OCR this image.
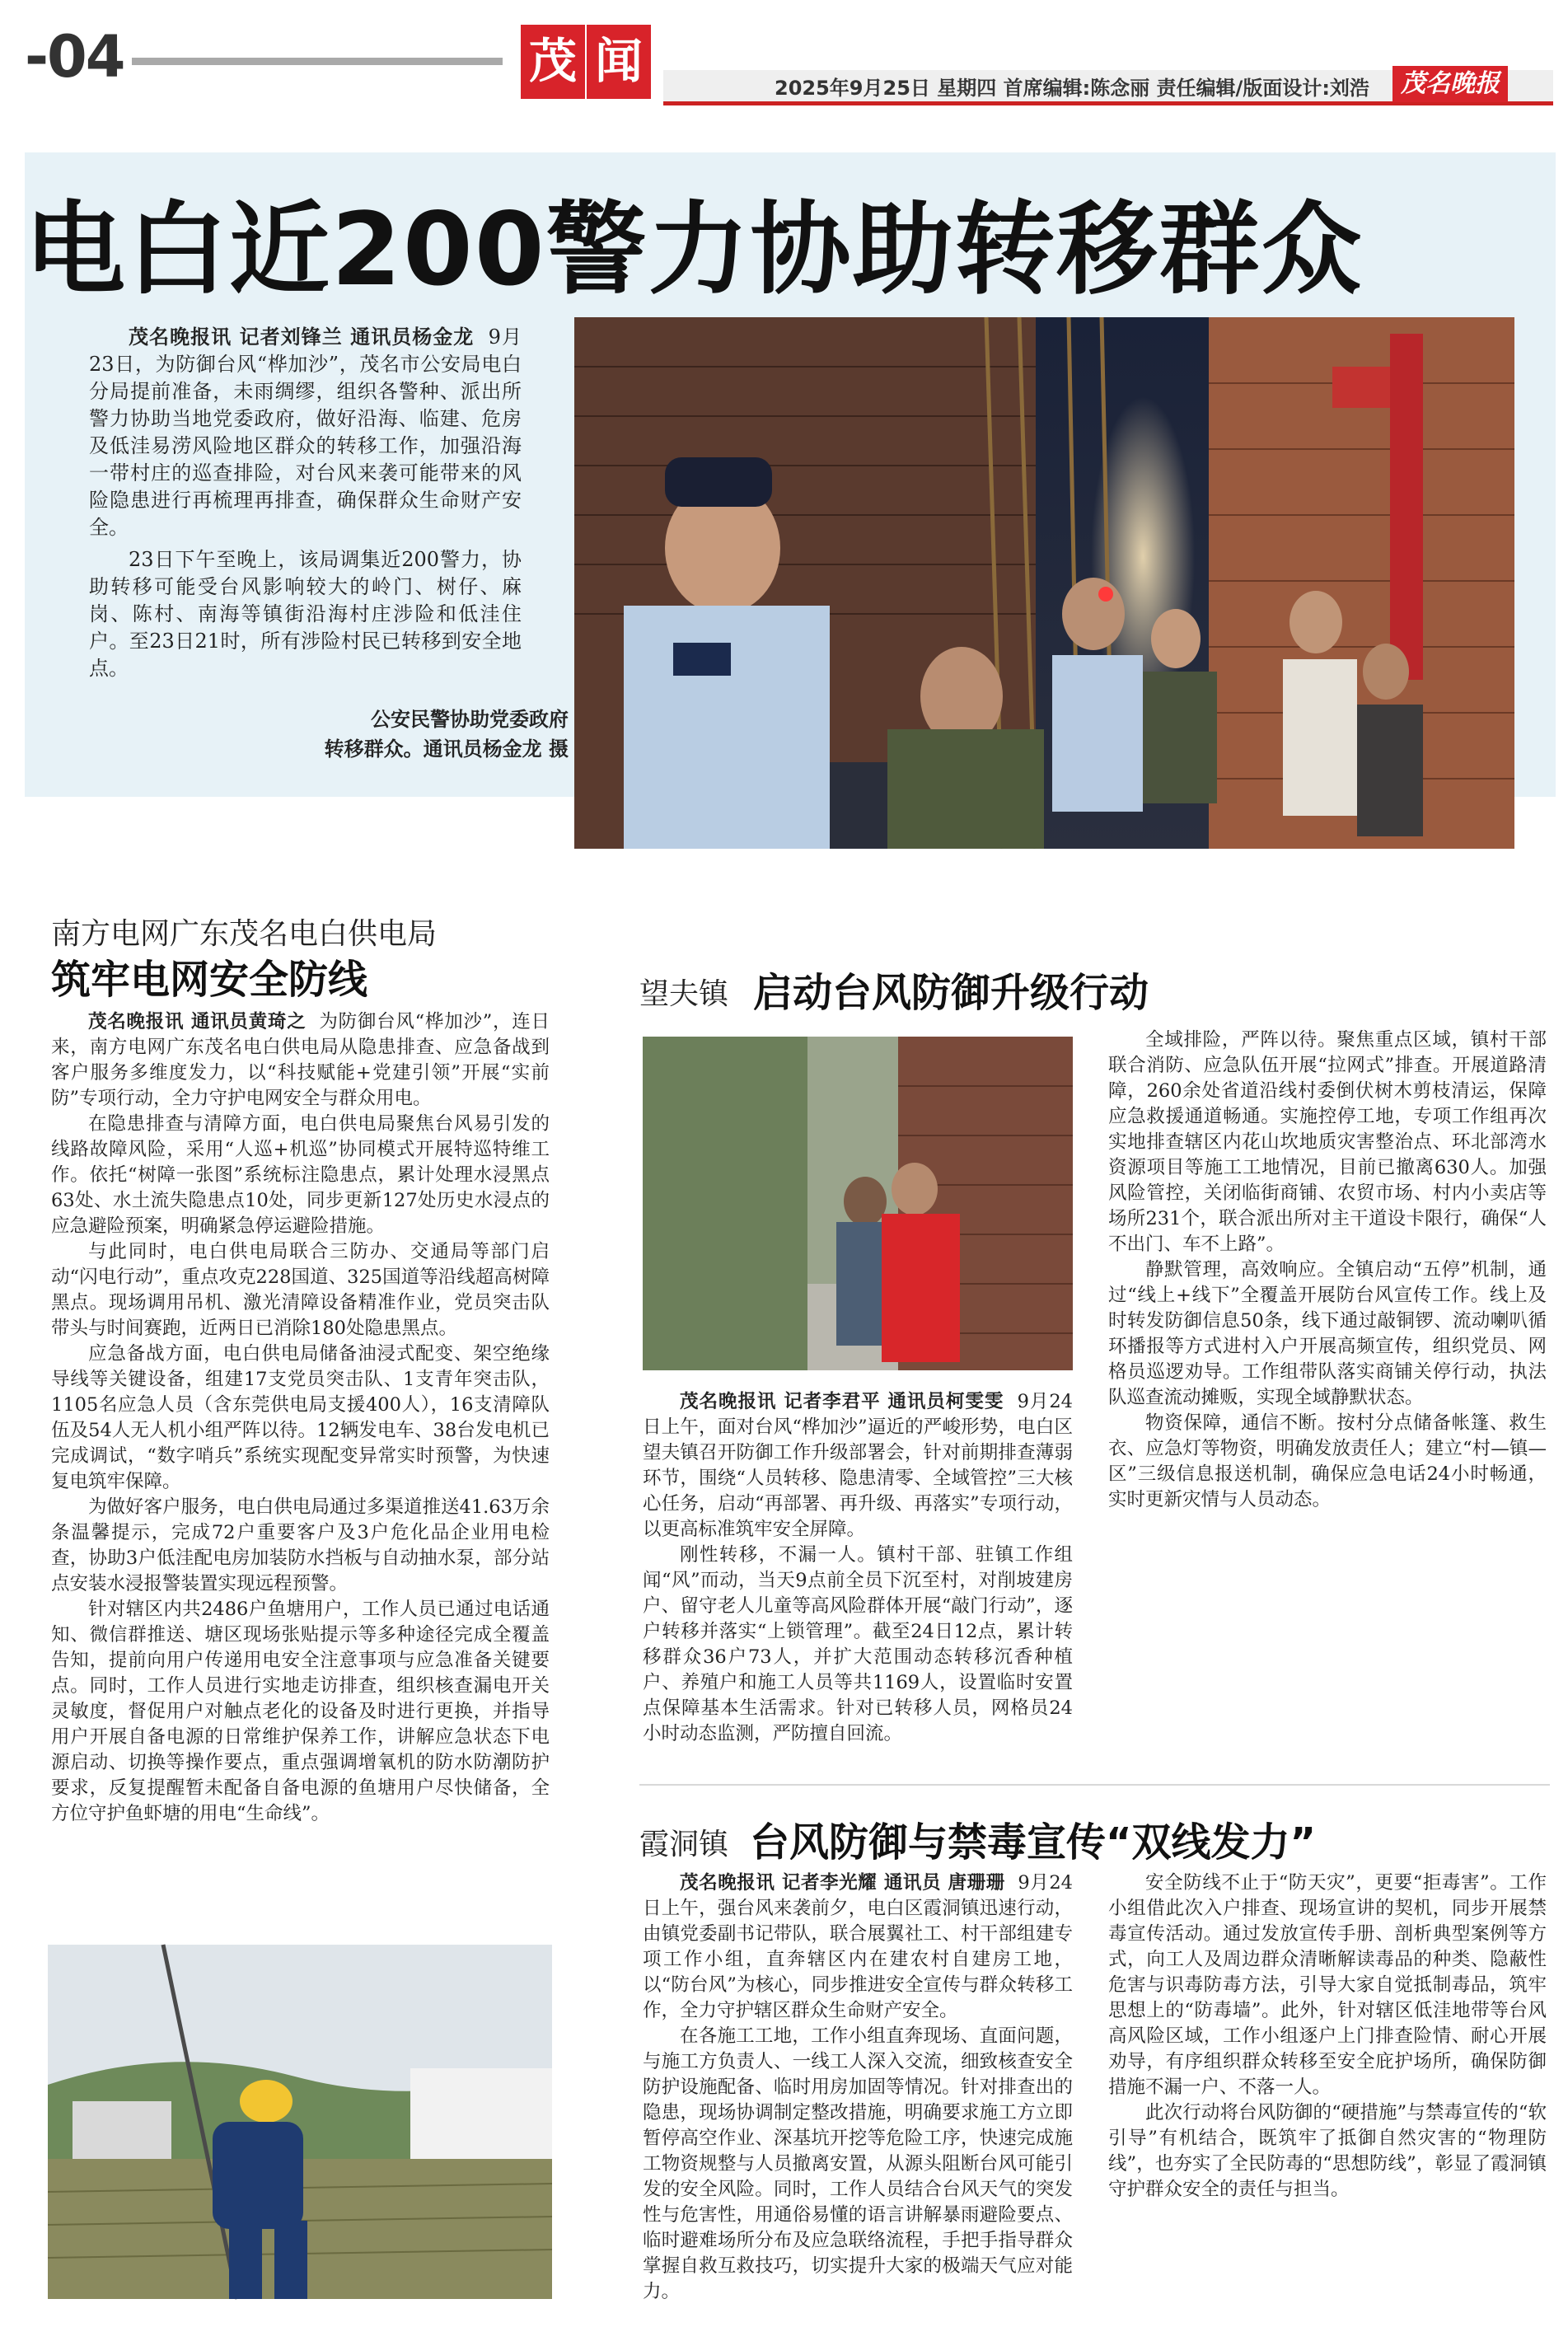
-04	茂 闻	2025年9月25日 星期四 首席编辑:陈念丽 责任编辑/版面设计:刘浩	茂名晚报
电白近200警力协助转移群众

茂名晚报讯 记者刘锋兰 通讯员杨金龙 9月23日，为防御台风“桦加沙”，茂名市公安局电白分局提前准备，未雨绸缪，组织各警种、派出所警力协助当地党委政府，做好沿海、临建、危房及低洼易涝风险地区群众的转移工作，加强沿海一带村庄的巡查排险，对台风来袭可能带来的风险隐患进行再梳理再排查，确保群众生命财产安全。

23日下午至晚上，该局调集近200警力，协助转移可能受台风影响较大的岭门、树仔、麻岗、陈村、南海等镇街沿海村庄涉险和低洼住户。至23日21时，所有涉险村民已转移到安全地点。

公安民警协助党委政府
转移群众。通讯员杨金龙 摄
南方电网广东茂名电白供电局
筑牢电网安全防线

茂名晚报讯 通讯员黄琦之 为防御台风“桦加沙”，连日来，南方电网广东茂名电白供电局从隐患排查、应急备战到客户服务多维度发力，以“科技赋能+党建引领”开展“实前防”专项行动，全力守护电网安全与群众用电。

在隐患排查与清障方面，电白供电局聚焦台风易引发的线路故障风险，采用“人巡+机巡”协同模式开展特巡特维工作。依托“树障一张图”系统标注隐患点，累计处理水浸黑点63处、水土流失隐患点10处，同步更新127处历史水浸点的应急避险预案，明确紧急停运避险措施。

与此同时，电白供电局联合三防办、交通局等部门启动“闪电行动”，重点攻克228国道、325国道等沿线超高树障黑点。现场调用吊机、激光清障设备精准作业，党员突击队带头与时间赛跑，近两日已消除180处隐患黑点。

应急备战方面，电白供电局储备油浸式配变、架空绝缘导线等关键设备，组建17支党员突击队、1支青年突击队，1105名应急人员（含东莞供电局支援400人），16支清障队伍及54人无人机小组严阵以待。12辆发电车、38台发电机已完成调试，“数字哨兵”系统实现配变异常实时预警，为快速复电筑牢保障。

为做好客户服务，电白供电局通过多渠道推送41.63万余条温馨提示，完成72户重要客户及3户危化品企业用电检查，协助3户低洼配电房加装防水挡板与自动抽水泵，部分站点安装水浸报警装置实现远程预警。

针对辖区内共2486户鱼塘用户，工作人员已通过电话通知、微信群推送、塘区现场张贴提示等多种途径完成全覆盖告知，提前向用户传递用电安全注意事项与应急准备关键要点。同时，工作人员进行实地走访排查，组织核查漏电开关灵敏度，督促用户对触点老化的设备及时进行更换，并指导用户开展自备电源的日常维护保养工作，讲解应急状态下电源启动、切换等操作要点，重点强调增氧机的防水防潮防护要求，反复提醒暂未配备自备电源的鱼塘用户尽快储备，全方位守护鱼虾塘的用电“生命线”。

望夫镇 启动台风防御升级行动

茂名晚报讯 记者李君平 通讯员柯雯雯 9月24日上午，面对台风“桦加沙”逼近的严峻形势，电白区望夫镇召开防御工作升级部署会，针对前期排查薄弱环节，围绕“人员转移、隐患清零、全域管控”三大核心任务，启动“再部署、再升级、再落实”专项行动，以更高标准筑牢安全屏障。

刚性转移，不漏一人。镇村干部、驻镇工作组闻“风”而动，当天9点前全员下沉至村，对削坡建房户、留守老人儿童等高风险群体开展“敲门行动”，逐户转移并落实“上锁管理”。截至24日12点，累计转移群众36户73人，并扩大范围动态转移沉香种植户、养殖户和施工人员等共1169人，设置临时安置点保障基本生活需求。针对已转移人员，网格员24小时动态监测，严防擅自回流。

全域排险，严阵以待。聚焦重点区域，镇村干部联合消防、应急队伍开展“拉网式”排查。开展道路清障，260余处省道沿线村委倒伏树木剪枝清运，保障应急救援通道畅通。实施控停工地，专项工作组再次实地排查辖区内花山坎地质灾害整治点、环北部湾水资源项目等施工工地情况，目前已撤离630人。加强风险管控，关闭临街商铺、农贸市场、村内小卖店等场所231个，联合派出所对主干道设卡限行，确保“人不出门、车不上路”。

静默管理，高效响应。全镇启动“五停”机制，通过“线上+线下”全覆盖开展防台风宣传工作。线上及时转发防御信息50条，线下通过敲铜锣、流动喇叭循环播报等方式进村入户开展高频宣传，组织党员、网格员巡逻劝导。工作组带队落实商铺关停行动，执法队巡查流动摊贩，实现全域静默状态。

物资保障，通信不断。按村分点储备帐篷、救生衣、应急灯等物资，明确发放责任人；建立“村—镇—区”三级信息报送机制，确保应急电话24小时畅通，实时更新灾情与人员动态。

霞洞镇 台风防御与禁毒宣传“双线发力”

茂名晚报讯 记者李光耀 通讯员 唐珊珊 9月24日上午，强台风来袭前夕，电白区霞洞镇迅速行动，由镇党委副书记带队，联合展翼社工、村干部组建专项工作小组，直奔辖区内在建农村自建房工地，以“防台风”为核心，同步推进安全宣传与群众转移工作，全力守护辖区群众生命财产安全。

在各施工工地，工作小组直奔现场、直面问题，与施工方负责人、一线工人深入交流，细致核查安全防护设施配备、临时用房加固等情况。针对排查出的隐患，现场协调制定整改措施，明确要求施工方立即暂停高空作业、深基坑开挖等危险工序，快速完成施工物资规整与人员撤离安置，从源头阻断台风可能引发的安全风险。同时，工作人员结合台风天气的突发性与危害性，用通俗易懂的语言讲解暴雨避险要点、临时避难场所分布及应急联络流程，手把手指导群众掌握自救互救技巧，切实提升大家的极端天气应对能力。

安全防线不止于“防天灾”，更要“拒毒害”。工作小组借此次入户排查、现场宣讲的契机，同步开展禁毒宣传活动。通过发放宣传手册、剖析典型案例等方式，向工人及周边群众清晰解读毒品的种类、隐蔽性危害与识毒防毒方法，引导大家自觉抵制毒品，筑牢思想上的“防毒墙”。此外，针对辖区低洼地带等台风高风险区域，工作小组逐户上门排查险情、耐心开展劝导，有序组织群众转移至安全庇护场所，确保防御措施不漏一户、不落一人。

此次行动将台风防御的“硬措施”与禁毒宣传的“软引导”有机结合，既筑牢了抵御自然灾害的“物理防线”，也夯实了全民防毒的“思想防线”，彰显了霞洞镇守护群众安全的责任与担当。
